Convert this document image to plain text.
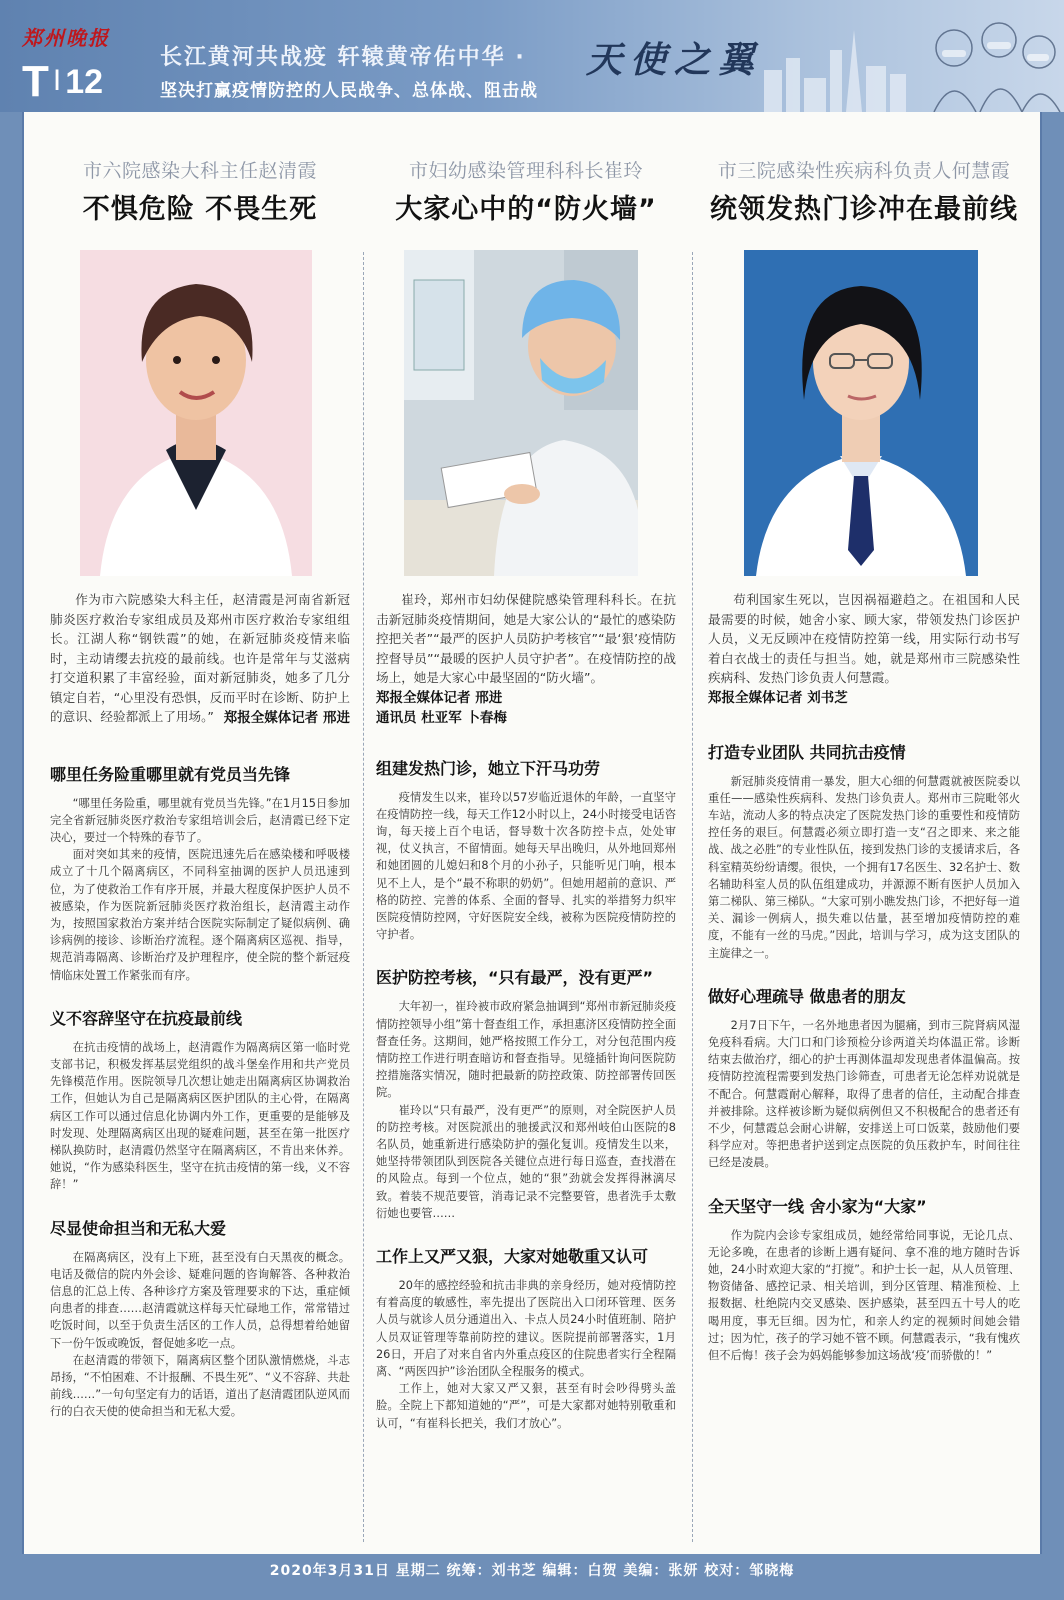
郑州晚报
T I 12
长江黄河共战疫 轩辕黄帝佑中华 ·
坚决打赢疫情防控的人民战争、总体战、阻击战
天使之翼
市六院感染大科主任赵清霞
不惧危险 不畏生死
作为市六院感染大科主任，赵清霞是河南省新冠肺炎医疗救治专家组成员及郑州市医疗救治专家组组长。江湖人称“钢铁霞”的她，在新冠肺炎疫情来临时，主动请缨去抗疫的最前线。也许是常年与艾滋病打交道积累了丰富经验，面对新冠肺炎，她多了几分镇定自若，“心里没有恐惧，反而平时在诊断、防护上的意识、经验都派上了用场。” 郑报全媒体记者 邢进
哪里任务险重哪里就有党员当先锋

“哪里任务险重，哪里就有党员当先锋。”在1月15日参加完全省新冠肺炎医疗救治专家组培训会后，赵清霞已经下定决心，要过一个特殊的春节了。

面对突如其来的疫情，医院迅速先后在感染楼和呼吸楼成立了十几个隔离病区，不同科室抽调的医护人员迅速到位，为了使救治工作有序开展，并最大程度保护医护人员不被感染，作为医院新冠肺炎医疗救治组长，赵清霞主动作为，按照国家救治方案并结合医院实际制定了疑似病例、确诊病例的接诊、诊断治疗流程。逐个隔离病区巡视、指导，规范消毒隔离、诊断治疗及护理程序，使全院的整个新冠疫情临床处置工作紧张而有序。

义不容辞坚守在抗疫最前线

在抗击疫情的战场上，赵清霞作为隔离病区第一临时党支部书记，积极发挥基层党组织的战斗堡垒作用和共产党员先锋模范作用。医院领导几次想让她走出隔离病区协调救治工作，但她认为自己是隔离病区医护团队的主心骨，在隔离病区工作可以通过信息化协调内外工作，更重要的是能够及时发现、处理隔离病区出现的疑难问题，甚至在第一批医疗梯队换防时，赵清霞仍然坚守在隔离病区，不肯出来休养。她说，“作为感染科医生，坚守在抗击疫情的第一线，义不容辞！”

尽显使命担当和无私大爱

在隔离病区，没有上下班，甚至没有白天黑夜的概念。电话及微信的院内外会诊、疑难问题的咨询解答、各种救治信息的汇总上传、各种诊疗方案及管理要求的下达，重症倾向患者的排查……赵清霞就这样每天忙碌地工作，常常错过吃饭时间，以至于负责生活区的工作人员，总得想着给她留下一份午饭或晚饭，督促她多吃一点。

在赵清霞的带领下，隔离病区整个团队激情燃烧，斗志昂扬，“不怕困难、不计报酬、不畏生死”、“义不容辞、共赴前线……”一句句坚定有力的话语，道出了赵清霞团队逆风而行的白衣天使的使命担当和无私大爱。

市妇幼感染管理科科长崔玲
大家心中的“防火墙”
崔玲，郑州市妇幼保健院感染管理科科长。在抗击新冠肺炎疫情期间，她是大家公认的“最忙的感染防控把关者”“最严的医护人员防护考核官”“最‘狠’疫情防控督导员”“最暖的医护人员守护者”。在疫情防控的战场上，她是大家心中最坚固的“防火墙”。
郑报全媒体记者 邢进
通讯员 杜亚军 卜春梅
组建发热门诊，她立下汗马功劳

疫情发生以来，崔玲以57岁临近退休的年龄，一直坚守在疫情防控一线，每天工作12小时以上，24小时接受电话咨询，每天接上百个电话，督导数十次各防控卡点，处处审视，仗义执言，不留情面。她每天早出晚归，从外地回郑州和她团圆的儿媳妇和8个月的小孙子，只能听见门响，根本见不上人，是个“最不称职的奶奶”。但她用超前的意识、严格的防控、完善的体系、全面的督导、扎实的举措努力织牢医院疫情防控网，守好医院安全线，被称为医院疫情防控的守护者。

医护防控考核，“只有最严，没有更严”

大年初一，崔玲被市政府紧急抽调到“郑州市新冠肺炎疫情防控领导小组”第十督查组工作，承担惠济区疫情防控全面督查任务。这期间，她严格按照工作分工，对分包范围内疫情防控工作进行明查暗访和督查指导。见缝插针询问医院防控措施落实情况，随时把最新的防控政策、防控部署传回医院。

崔玲以“只有最严，没有更严”的原则，对全院医护人员的防控考核。对医院派出的驰援武汉和郑州岐伯山医院的8名队员，她重新进行感染防护的强化复训。疫情发生以来，她坚持带领团队到医院各关键位点进行每日巡查，查找潜在的风险点。每到一个位点，她的“狠”劲就会发挥得淋漓尽致。着装不规范要管，消毒记录不完整要管，患者洗手太敷衍她也要管……

工作上又严又狠，大家对她敬重又认可

20年的感控经验和抗击非典的亲身经历，她对疫情防控有着高度的敏感性，率先提出了医院出入口闭环管理、医务人员与就诊人员分通道出入、卡点人员24小时值班制、陪护人员双证管理等靠前防控的建议。医院提前部署落实，1月26日，开启了对来自省内外重点疫区的住院患者实行全程隔离、“两医四护”诊治团队全程服务的模式。

工作上，她对大家又严又狠，甚至有时会吵得劈头盖脸。全院上下都知道她的“严”，可是大家都对她特别敬重和认可，“有崔科长把关，我们才放心”。

市三院感染性疾病科负责人何慧霞
统领发热门诊冲在最前线
苟利国家生死以，岂因祸福避趋之。在祖国和人民最需要的时候，她舍小家、顾大家，带领发热门诊医护人员，义无反顾冲在疫情防控第一线，用实际行动书写着白衣战士的责任与担当。她，就是郑州市三院感染性疾病科、发热门诊负责人何慧霞。
郑报全媒体记者 刘书芝
打造专业团队 共同抗击疫情

新冠肺炎疫情甫一暴发，胆大心细的何慧霞就被医院委以重任——感染性疾病科、发热门诊负责人。郑州市三院毗邻火车站，流动人多的特点决定了医院发热门诊的重要性和疫情防控任务的艰巨。何慧霞必须立即打造一支“召之即来、来之能战、战之必胜”的专业性队伍，接到发热门诊的支援请求后，各科室精英纷纷请缨。很快，一个拥有17名医生、32名护士、数名辅助科室人员的队伍组建成功，并源源不断有医护人员加入第二梯队、第三梯队。“大家可别小瞧发热门诊，不把好每一道关、漏诊一例病人，损失难以估量，甚至增加疫情防控的难度，不能有一丝的马虎。”因此，培训与学习，成为这支团队的主旋律之一。

做好心理疏导 做患者的朋友

2月7日下午，一名外地患者因为腿痛，到市三院肾病风湿免疫科看病。大门口和门诊预检分诊两道关均体温正常。诊断结束去做治疗，细心的护士再测体温却发现患者体温偏高。按疫情防控流程需要到发热门诊筛查，可患者无论怎样劝说就是不配合。何慧霞耐心解释，取得了患者的信任，主动配合排查并被排除。这样被诊断为疑似病例但又不积极配合的患者还有不少，何慧霞总会耐心讲解，安排送上可口饭菜，鼓励他们要科学应对。等把患者护送到定点医院的负压救护车，时间往往已经是凌晨。

全天坚守一线 舍小家为“大家”

作为院内会诊专家组成员，她经常给同事说，无论几点、无论多晚，在患者的诊断上遇有疑问、拿不准的地方随时告诉她，24小时欢迎大家的“打搅”。和护士长一起，从人员管理、物资储备、感控记录、相关培训，到分区管理、精准预检、上报数据、杜绝院内交叉感染、医护感染，甚至四五十号人的吃喝用度，事无巨细。因为忙，和亲人约定的视频时间她会错过；因为忙，孩子的学习她不管不顾。何慧霞表示，“我有愧疚但不后悔！孩子会为妈妈能够参加这场战‘疫’而骄傲的！”

2020年3月31日 星期二 统筹：刘书芝 编辑：白贺 美编：张妍 校对：邹晓梅
